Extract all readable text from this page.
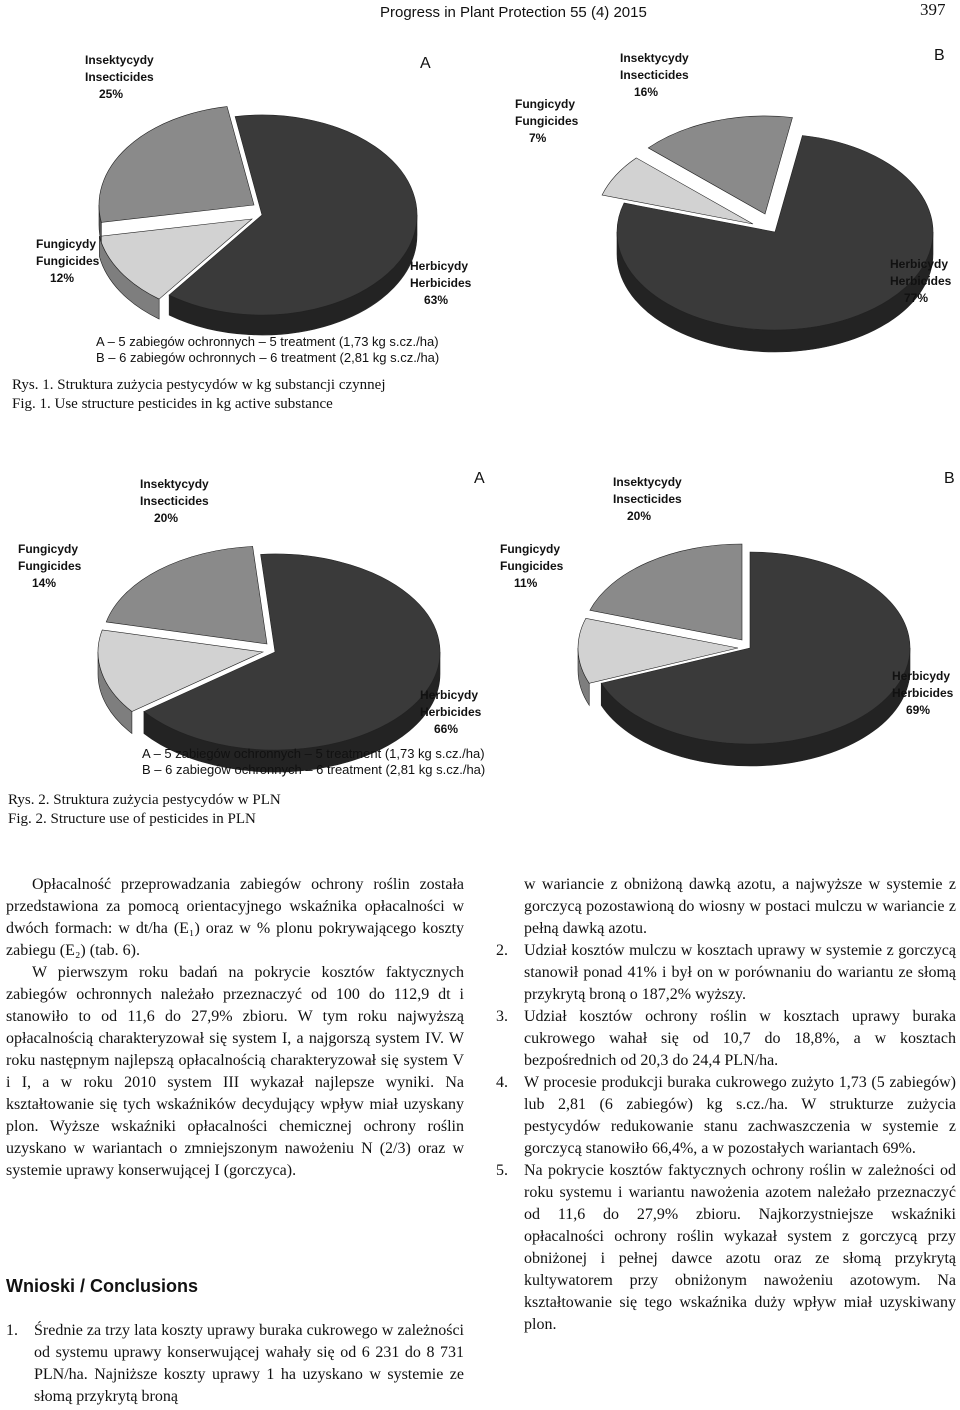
Progress in Plant Protection 55 (4) 2015	397
Herbicydy Herbicides 63%
Fungicydy Fungicides 12%
Insektycydy Insecticides 25%
Herbicydy Herbicides 77%
Fungicydy Fungicides 7%
Insektycydy Insecticides 16%
Herbicydy Herbicides 66%
Fungicydy Fungicides 14%
Insektycydy Insecticides 20%
Herbicydy Herbicides 69%
Fungicydy Fungicides 11%
Insektycydy Insecticides 20%
A	B
A	B
A – 5 zabiegów ochronnych – 5 treatment (1,73 kg s.cz./ha)
B – 6 zabiegów ochronnych – 6 treatment (2,81 kg s.cz./ha)
Rys. 1. Struktura zużycia pestycydów w kg substancji czynnej
Fig. 1. Use structure pesticides in kg active substance
A – 5 zabiegów ochronnych – 5 treatment (1,73 kg s.cz./ha)
B – 6 zabiegów ochronnych – 6 treatment (2,81 kg s.cz./ha)
Rys. 2. Struktura zużycia pestycydów w PLN
Fig. 2. Structure use of pesticides in PLN

Opłacalność przeprowadzania zabiegów ochrony roślin została przedstawiona za pomocą orientacyjnego wskaźnika opłacalności w dwóch formach: w dt/ha (E₁) oraz w % plonu pokrywającego koszty zabiegu (E₂) (tab. 6).

W pierwszym roku badań na pokrycie kosztów faktycznych zabiegów ochronnych należało przeznaczyć od 100 do 112,9 dt i stanowiło to od 11,6 do 27,9% zbioru. W tym roku najwyższą opłacalnością charakteryzował się system I, a najgorszą system IV. W roku następnym najlepszą opłacalnością charakteryzował się system V i I, a w roku 2010 system III wykazał najlepsze wyniki. Na kształtowanie się tych wskaźników decydujący wpływ miał uzyskany plon. Wyższe wskaźniki opłacalności chemicznej ochrony roślin uzyskano w wariantach o zmniejszonym nawożeniu N (2/3) oraz w systemie uprawy konserwującej I (gorczyca).

Wnioski / Conclusions
1. Średnie za trzy lata koszty uprawy buraka cukrowego w zależności od systemu uprawy konserwującej wahały się od 6 231 do 8 731 PLN/ha. Najniższe koszty uprawy 1 ha uzyskano w systemie ze słomą przykrytą broną

w wariancie z obniżoną dawką azotu, a najwyższe w systemie z gorczycą pozostawioną do wiosny w postaci mulczu w wariancie z pełną dawką azotu.

2. Udział kosztów mulczu w kosztach uprawy w systemie z gorczycą stanowił ponad 41% i był on w porównaniu do wariantu ze słomą przykrytą broną o 187,2% wyższy.
3. Udział kosztów ochrony roślin w kosztach uprawy buraka cukrowego wahał się od 10,7 do 18,8%, a w kosztach bezpośrednich od 20,3 do 24,4 PLN/ha.
4. W procesie produkcji buraka cukrowego zużyto 1,73 (5 zabiegów) lub 2,81 (6 zabiegów) kg s.cz./ha. W strukturze zużycia pestycydów redukowanie stanu zachwaszczenia w systemie z gorczycą stanowiło 66,4%, a w pozostałych wariantach 69%.
5. Na pokrycie kosztów faktycznych ochrony roślin w zależności od roku systemu i wariantu nawożenia azotem należało przeznaczyć od 11,6 do 27,9% zbioru. Najkorzystniejsze wskaźniki opłacalności ochrony roślin wykazał system z gorczycą przy obniżonej i pełnej dawce azotu oraz ze słomą przykrytą kultywatorem przy obniżonym nawożeniu azotowym. Na kształtowanie się tego wskaźnika duży wpływ miał uzyskiwany plon.
